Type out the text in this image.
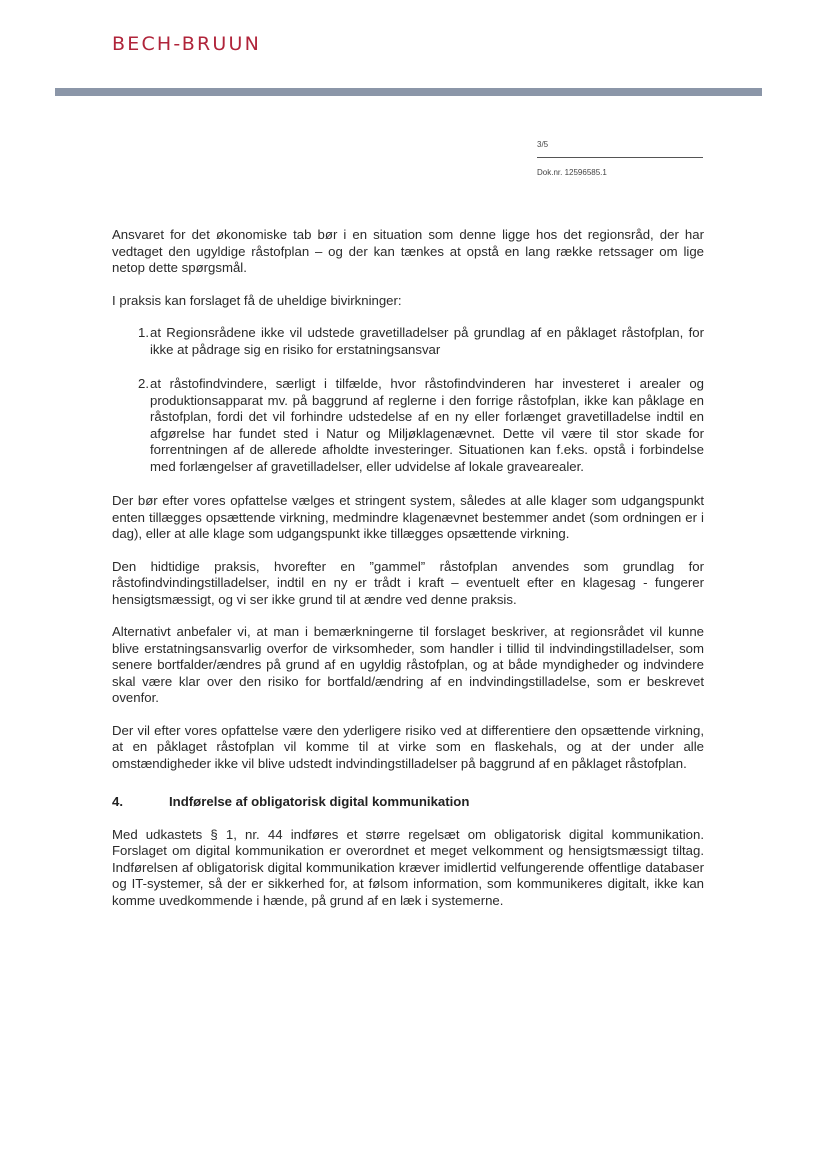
BECH-BRUUN
3/5
Dok.nr. 12596585.1

Ansvaret for det økonomiske tab bør i en situation som denne ligge hos det regionsråd, der har vedtaget den ugyldige råstofplan – og der kan tænkes at opstå en lang række retssager om lige netop dette spørgsmål.

I praksis kan forslaget få de uheldige bivirkninger:

1. at Regionsrådene ikke vil udstede gravetilladelser på grundlag af en påklaget råstofplan, for ikke at pådrage sig en risiko for erstatningsansvar
2. at råstofindvindere, særligt i tilfælde, hvor råstofindvinderen har investeret i arealer og produktionsapparat mv. på baggrund af reglerne i den forrige råstofplan, ikke kan påklage en råstofplan, fordi det vil forhindre udstedelse af en ny eller forlænget gravetilladelse indtil en afgørelse har fundet sted i Natur og Miljøklagenævnet. Dette vil være til stor skade for forrentningen af de allerede afholdte investeringer. Situationen kan f.eks. opstå i forbindelse med forlængelser af gravetilladelser, eller udvidelse af lokale gravearealer.

Der bør efter vores opfattelse vælges et stringent system, således at alle klager som udgangspunkt enten tillægges opsættende virkning, medmindre klagenævnet bestemmer andet (som ordningen er i dag), eller at alle klage som udgangspunkt ikke tillægges opsættende virkning.

Den hidtidige praksis, hvorefter en ”gammel” råstofplan anvendes som grundlag for råstofindvindingstilladelser, indtil en ny er trådt i kraft – eventuelt efter en klagesag - fungerer hensigtsmæssigt, og vi ser ikke grund til at ændre ved denne praksis.

Alternativt anbefaler vi, at man i bemærkningerne til forslaget beskriver, at regionsrådet vil kunne blive erstatningsansvarlig overfor de virksomheder, som handler i tillid til indvindingstilladelser, som senere bortfalder/ændres på grund af en ugyldig råstofplan, og at både myndigheder og indvindere skal være klar over den risiko for bortfald/ændring af en indvindingstilladelse, som er beskrevet ovenfor.

Der vil efter vores opfattelse være den yderligere risiko ved at differentiere den opsættende virkning, at en påklaget råstofplan vil komme til at virke som en flaskehals, og at der under alle omstændigheder ikke vil blive udstedt indvindingstilladelser på baggrund af en påklaget råstofplan.

4.	Indførelse af obligatorisk digital kommunikation

Med udkastets § 1, nr. 44 indføres et større regelsæt om obligatorisk digital kommunikation. Forslaget om digital kommunikation er overordnet et meget velkomment og hensigtsmæssigt tiltag. Indførelsen af obligatorisk digital kommunikation kræver imidlertid velfungerende offentlige databaser og IT-systemer, så der er sikkerhed for, at følsom information, som kommunikeres digitalt, ikke kan komme uvedkommende i hænde, på grund af en læk i systemerne.
